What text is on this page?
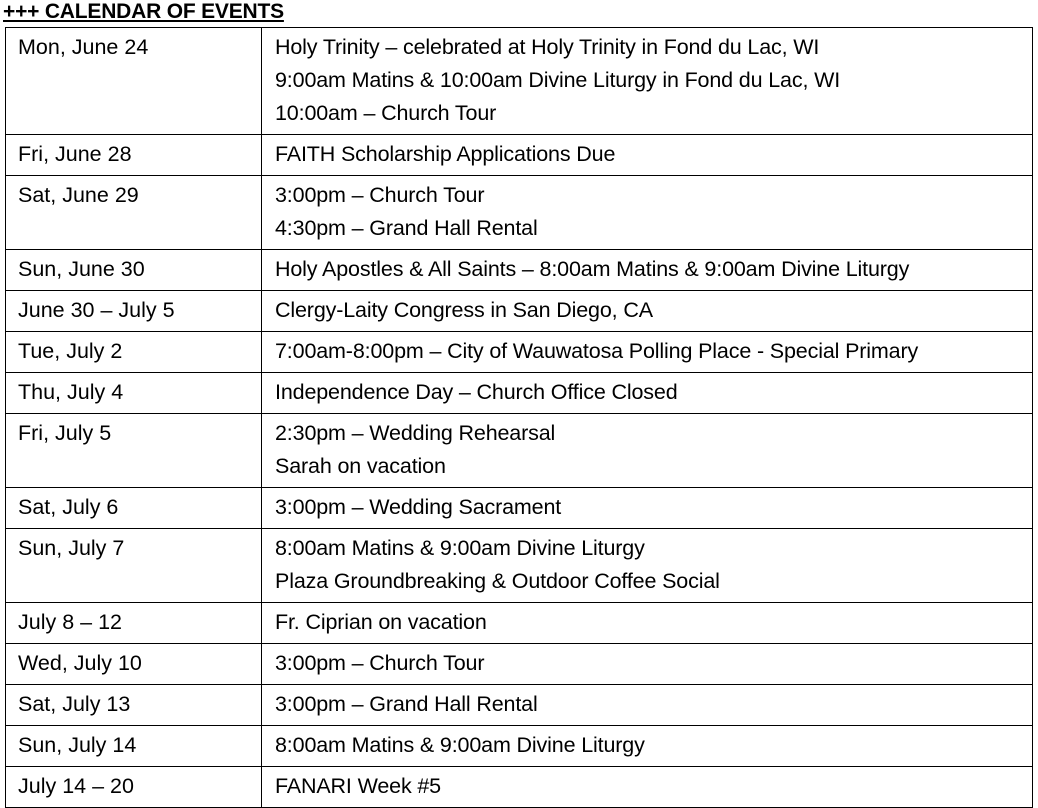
+++ CALENDAR OF EVENTS
Mon, June 24	Holy Trinity – celebrated at Holy Trinity in Fond du Lac, WI
9:00am Matins & 10:00am Divine Liturgy in Fond du Lac, WI
10:00am – Church Tour

Fri, June 28	FAITH Scholarship Applications Due

Sat, June 29	3:00pm – Church Tour
4:30pm – Grand Hall Rental

Sun, June 30	Holy Apostles & All Saints – 8:00am Matins & 9:00am Divine Liturgy

June 30 – July 5	Clergy-Laity Congress in San Diego, CA

Tue, July 2	7:00am-8:00pm – City of Wauwatosa Polling Place - Special Primary

Thu, July 4	Independence Day – Church Office Closed

Fri, July 5	2:30pm – Wedding Rehearsal
Sarah on vacation

Sat, July 6	3:00pm – Wedding Sacrament

Sun, July 7	8:00am Matins & 9:00am Divine Liturgy
Plaza Groundbreaking & Outdoor Coffee Social

July 8 – 12	Fr. Ciprian on vacation

Wed, July 10	3:00pm – Church Tour

Sat, July 13	3:00pm – Grand Hall Rental

Sun, July 14	8:00am Matins & 9:00am Divine Liturgy

July 14 – 20	FANARI Week #5
